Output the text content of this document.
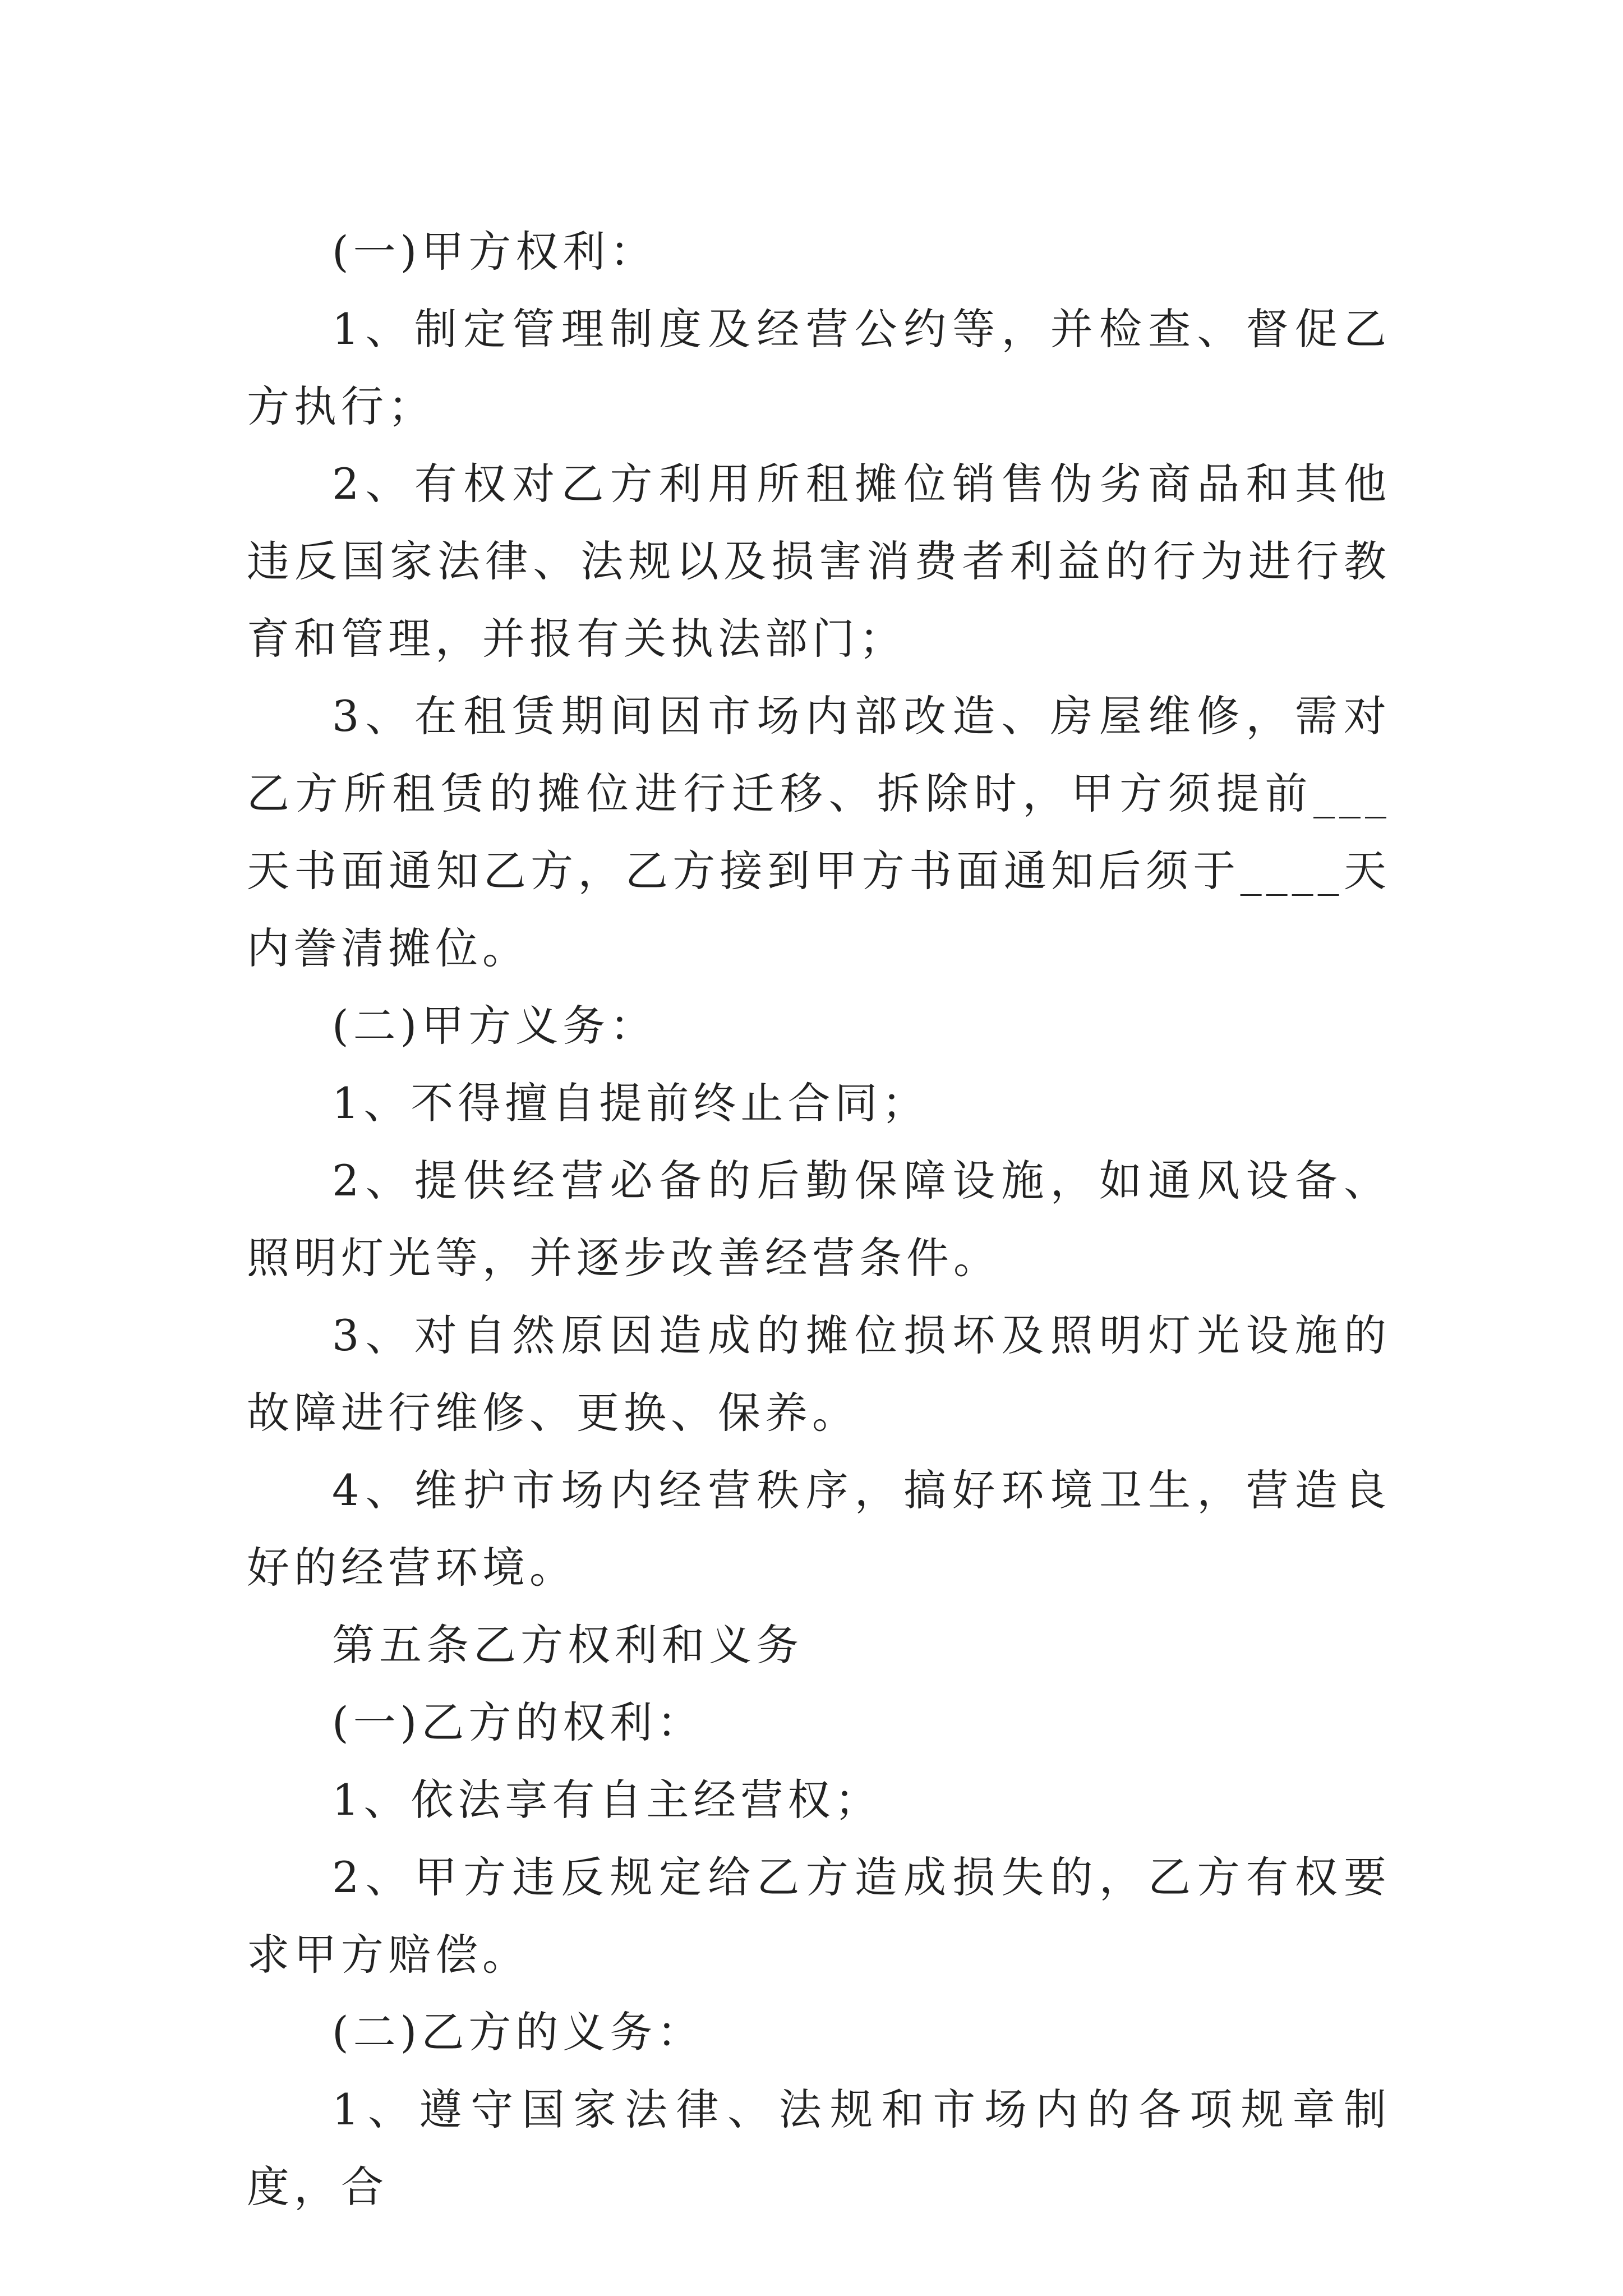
(一)甲方权利：

1、制定管理制度及经营公约等，并检查、督促乙方执行；

2、有权对乙方利用所租摊位销售伪劣商品和其他违反国家法律、法规以及损害消费者利益的行为进行教育和管理，并报有关执法部门；

3、在租赁期间因市场内部改造、房屋维修，需对乙方所租赁的摊位进行迁移、拆除时，甲方须提前___天书面通知乙方，乙方接到甲方书面通知后须于____天内誊清摊位。

(二)甲方义务：

1、不得擅自提前终止合同；

2、提供经营必备的后勤保障设施，如通风设备、照明灯光等，并逐步改善经营条件。

3、对自然原因造成的摊位损坏及照明灯光设施的故障进行维修、更换、保养。

4、维护市场内经营秩序，搞好环境卫生，营造良好的经营环境。

第五条乙方权利和义务

(一)乙方的权利：

1、依法享有自主经营权；

2、甲方违反规定给乙方造成损失的，乙方有权要求甲方赔偿。

(二)乙方的义务：

1、遵守国家法律、法规和市场内的各项规章制度，合
